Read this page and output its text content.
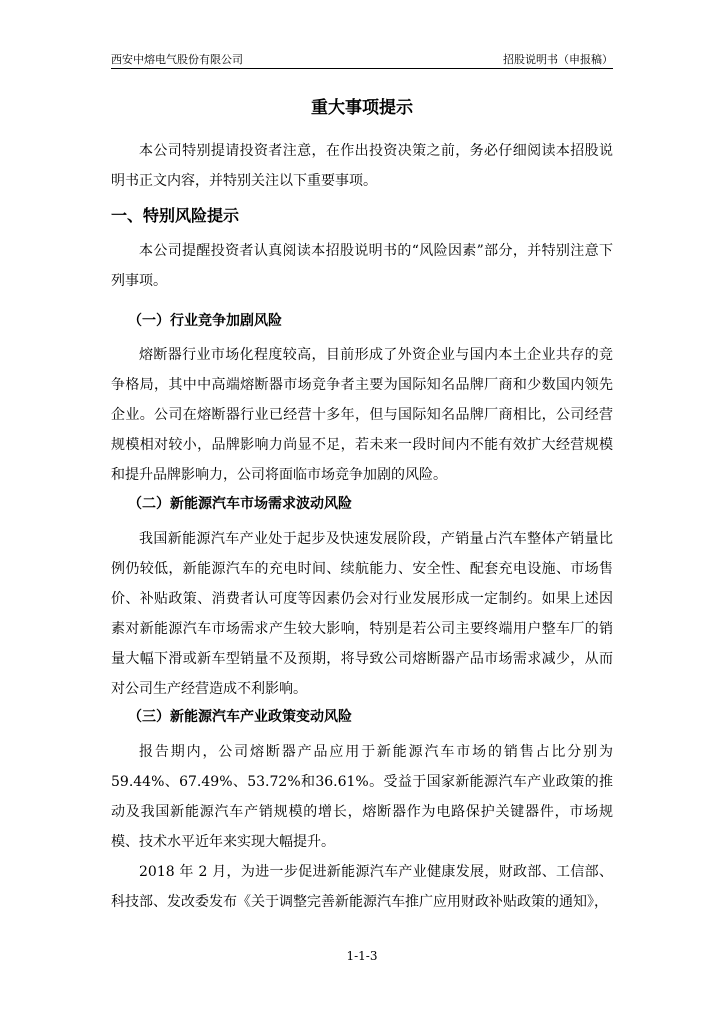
西安中熔电气股份有限公司	招股说明书（申报稿）
重大事项提示

本公司特别提请投资者注意，在作出投资决策之前，务必仔细阅读本招股说明书正文内容，并特别关注以下重要事项。

一、特别风险提示

本公司提醒投资者认真阅读本招股说明书的“风险因素”部分，并特别注意下列事项。

（一）行业竞争加剧风险

熔断器行业市场化程度较高，目前形成了外资企业与国内本土企业共存的竞争格局，其中中高端熔断器市场竞争者主要为国际知名品牌厂商和少数国内领先企业。公司在熔断器行业已经营十多年，但与国际知名品牌厂商相比，公司经营规模相对较小，品牌影响力尚显不足，若未来一段时间内不能有效扩大经营规模和提升品牌影响力，公司将面临市场竞争加剧的风险。

（二）新能源汽车市场需求波动风险

我国新能源汽车产业处于起步及快速发展阶段，产销量占汽车整体产销量比例仍较低，新能源汽车的充电时间、续航能力、安全性、配套充电设施、市场售价、补贴政策、消费者认可度等因素仍会对行业发展形成一定制约。如果上述因素对新能源汽车市场需求产生较大影响，特别是若公司主要终端用户整车厂的销量大幅下滑或新车型销量不及预期，将导致公司熔断器产品市场需求减少，从而对公司生产经营造成不利影响。

（三）新能源汽车产业政策变动风险

报告期内，公司熔断器产品应用于新能源汽车市场的销售占比分别为59.44%、67.49%、53.72%和36.61%。受益于国家新能源汽车产业政策的推动及我国新能源汽车产销规模的增长，熔断器作为电路保护关键器件，市场规模、技术水平近年来实现大幅提升。

2018 年 2 月，为进一步促进新能源汽车产业健康发展，财政部、工信部、科技部、发改委发布《关于调整完善新能源汽车推广应用财政补贴政策的通知》，

1-1-3
